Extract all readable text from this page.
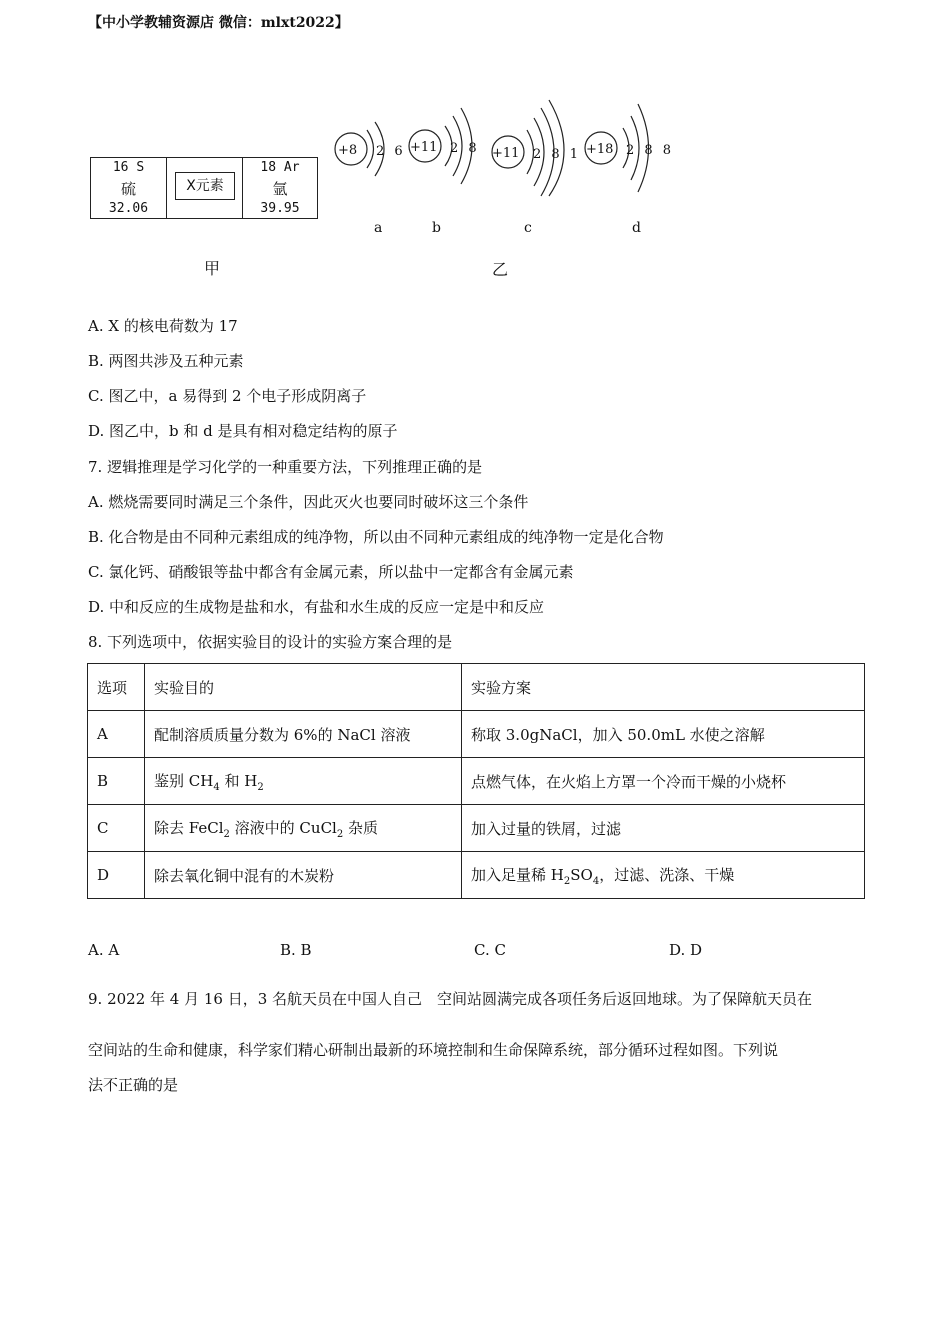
【中小学教辅资源店 微信：mlxt2022】
16 S
硫
32.06
X元素
18 Ar
氩
39.95
甲
+8 2 6 +11 2 8 +11 2 8 1 +18 2 8 8
a	b	c	d
乙
A. X 的核电荷数为 17
B. 两图共涉及五种元素
C. 图乙中，a 易得到 2 个电子形成阴离子
D. 图乙中，b 和 d 是具有相对稳定结构的原子
7. 逻辑推理是学习化学的一种重要方法，下列推理正确的是
A. 燃烧需要同时满足三个条件，因此灭火也要同时破坏这三个条件
B. 化合物是由不同种元素组成的纯净物，所以由不同种元素组成的纯净物一定是化合物
C. 氯化钙、硝酸银等盐中都含有金属元素，所以盐中一定都含有金属元素
D. 中和反应的生成物是盐和水，有盐和水生成的反应一定是中和反应
8. 下列选项中，依据实验目的设计的实验方案合理的是
选项	实验目的	实验方案
A	配制溶质质量分数为 6%的 NaCl 溶液	称取 3.0gNaCl，加入 50.0mL 水使之溶解
B	鉴别 $CH_4$ 和 $H_2$	点燃气体，在火焰上方罩一个冷而干燥的小烧杯
C	除去 FeCl$_2$ 溶液中的 CuCl$_2$ 杂质	加入过量的铁屑，过滤
D	除去氧化铜中混有的木炭粉	加入足量稀 $H_2SO_4$，过滤、洗涤、干燥
A. A	B. B	C. C	D. D
9. 2022 年 4 月 16 日，3 名航天员在中国人自己　空间站圆满完成各项任务后返回地球。为了保障航天员在
空间站的生命和健康，科学家们精心研制出最新的环境控制和生命保障系统，部分循环过程如图。下列说
法不正确的是
